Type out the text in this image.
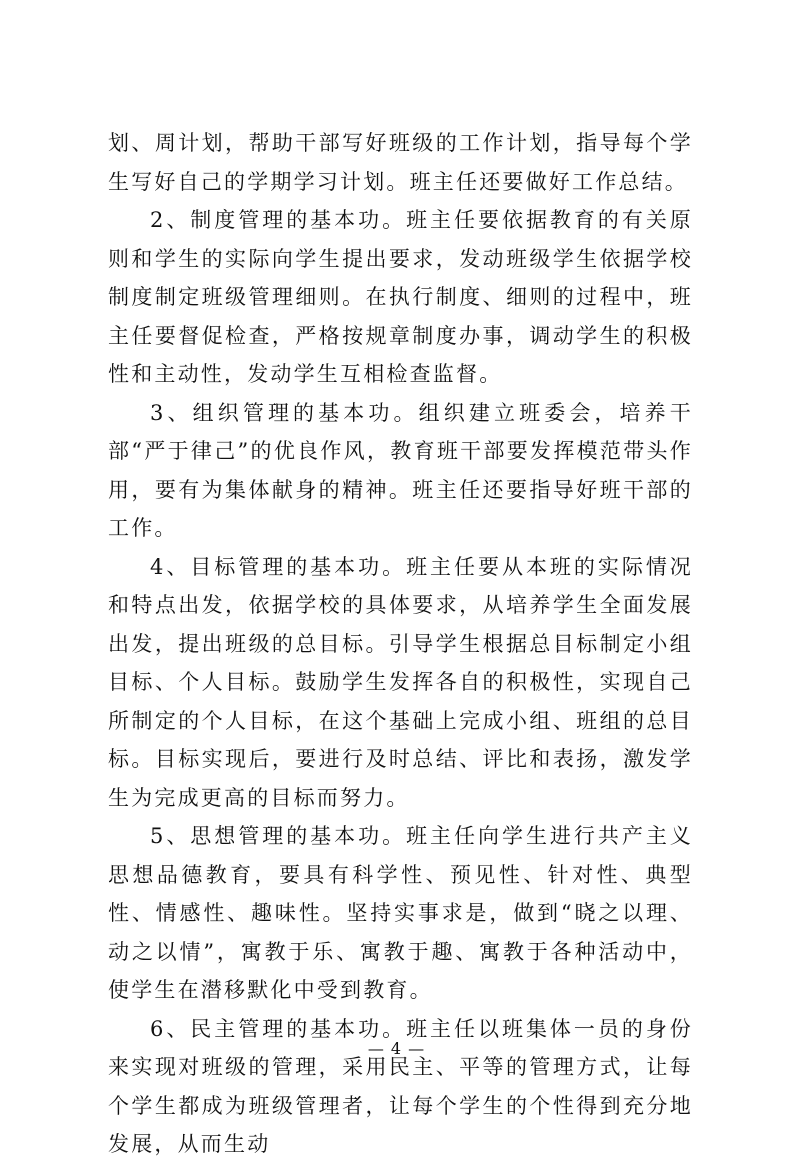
划、周计划，帮助干部写好班级的工作计划，指导每个学生写好自己的学期学习计划。班主任还要做好工作总结。

2、制度管理的基本功。班主任要依据教育的有关原则和学生的实际向学生提出要求，发动班级学生依据学校制度制定班级管理细则。在执行制度、细则的过程中，班主任要督促检查，严格按规章制度办事，调动学生的积极性和主动性，发动学生互相检查监督。

3、组织管理的基本功。组织建立班委会，培养干部“严于律己”的优良作风，教育班干部要发挥模范带头作用，要有为集体献身的精神。班主任还要指导好班干部的工作。

4、目标管理的基本功。班主任要从本班的实际情况和特点出发，依据学校的具体要求，从培养学生全面发展出发，提出班级的总目标。引导学生根据总目标制定小组目标、个人目标。鼓励学生发挥各自的积极性，实现自己所制定的个人目标，在这个基础上完成小组、班组的总目标。目标实现后，要进行及时总结、评比和表扬，激发学生为完成更高的目标而努力。

5、思想管理的基本功。班主任向学生进行共产主义思想品德教育，要具有科学性、预见性、针对性、典型性、情感性、趣味性。坚持实事求是，做到“晓之以理、动之以情”，寓教于乐、寓教于趣、寓教于各种活动中，使学生在潜移默化中受到教育。

6、民主管理的基本功。班主任以班集体一员的身份来实现对班级的管理，采用民主、平等的管理方式，让每个学生都成为班级管理者，让每个学生的个性得到充分地发展，从而生动

— 4 —
